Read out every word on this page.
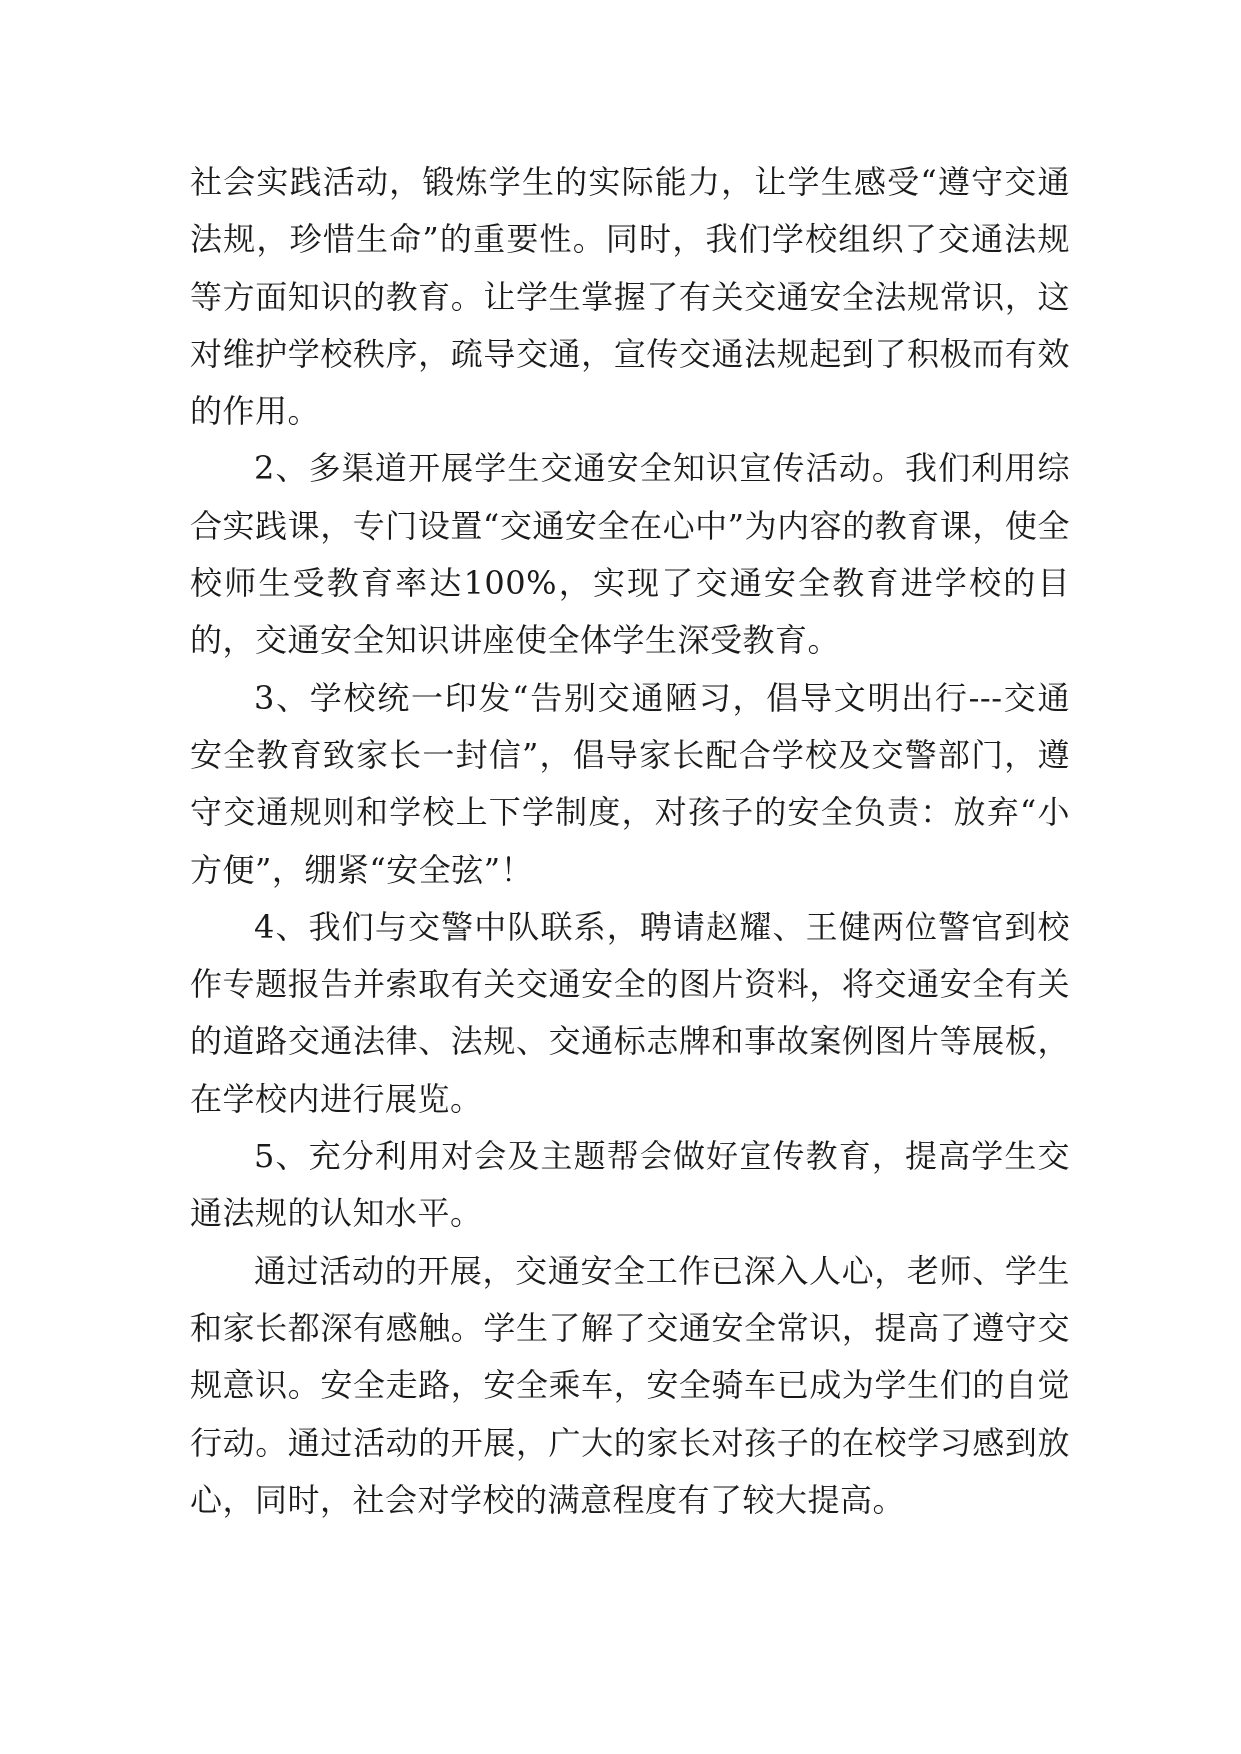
社会实践活动，锻炼学生的实际能力，让学生感受“遵守交通法规，珍惜生命”的重要性。同时，我们学校组织了交通法规等方面知识的教育。让学生掌握了有关交通安全法规常识，这对维护学校秩序，疏导交通，宣传交通法规起到了积极而有效的作用。

2、多渠道开展学生交通安全知识宣传活动。我们利用综合实践课，专门设置“交通安全在心中”为内容的教育课，使全校师生受教育率达100%，实现了交通安全教育进学校的目的，交通安全知识讲座使全体学生深受教育。

3、学校统一印发“告别交通陋习，倡导文明出行---交通安全教育致家长一封信”，倡导家长配合学校及交警部门，遵守交通规则和学校上下学制度，对孩子的安全负责：放弃“小方便”，绷紧“安全弦”！

4、我们与交警中队联系，聘请赵耀、王健两位警官到校作专题报告并索取有关交通安全的图片资料，将交通安全有关的道路交通法律、法规、交通标志牌和事故案例图片等展板，在学校内进行展览。

5、充分利用对会及主题帮会做好宣传教育，提高学生交通法规的认知水平。

通过活动的开展，交通安全工作已深入人心，老师、学生和家长都深有感触。学生了解了交通安全常识，提高了遵守交规意识。安全走路，安全乘车，安全骑车已成为学生们的自觉行动。通过活动的开展，广大的家长对孩子的在校学习感到放心，同时，社会对学校的满意程度有了较大提高。
